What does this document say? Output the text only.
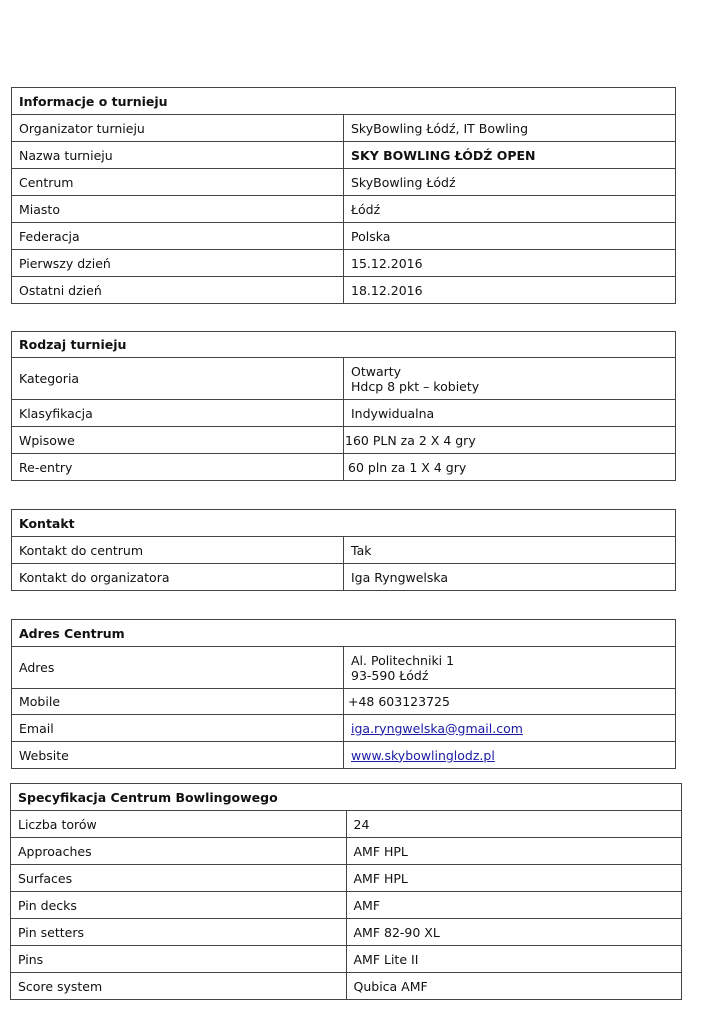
Informacje o turnieju	
Organizator turnieju	SkyBowling Łódź, IT Bowling
Nazwa turnieju	SKY BOWLING ŁÓDŹ OPEN
Centrum	SkyBowling Łódź
Miasto	Łódź
Federacja	Polska
Pierwszy dzień	15.12.2016
Ostatni dzień	18.12.2016
Rodzaj turnieju	
Kategoria	Otwarty
Hdcp 8 pkt – kobiety

Klasyfikacja	Indywidualna
Wpisowe	160 PLN za 2 X 4 gry
Re-entry	60 pln za 1 X 4 gry
Kontakt	
Kontakt do centrum	Tak
Kontakt do organizatora	Iga Ryngwelska
Adres Centrum	
Adres	Al. Politechniki 1
93-590 Łódź

Mobile	+48 603123725
Email	iga.ryngwelska@gmail.com
Website	www.skybowlinglodz.pl
Specyfikacja Centrum Bowlingowego	
Liczba torów	24
Approaches	AMF HPL
Surfaces	AMF HPL
Pin decks	AMF
Pin setters	AMF 82-90 XL
Pins	AMF Lite II
Score system	Qubica AMF
